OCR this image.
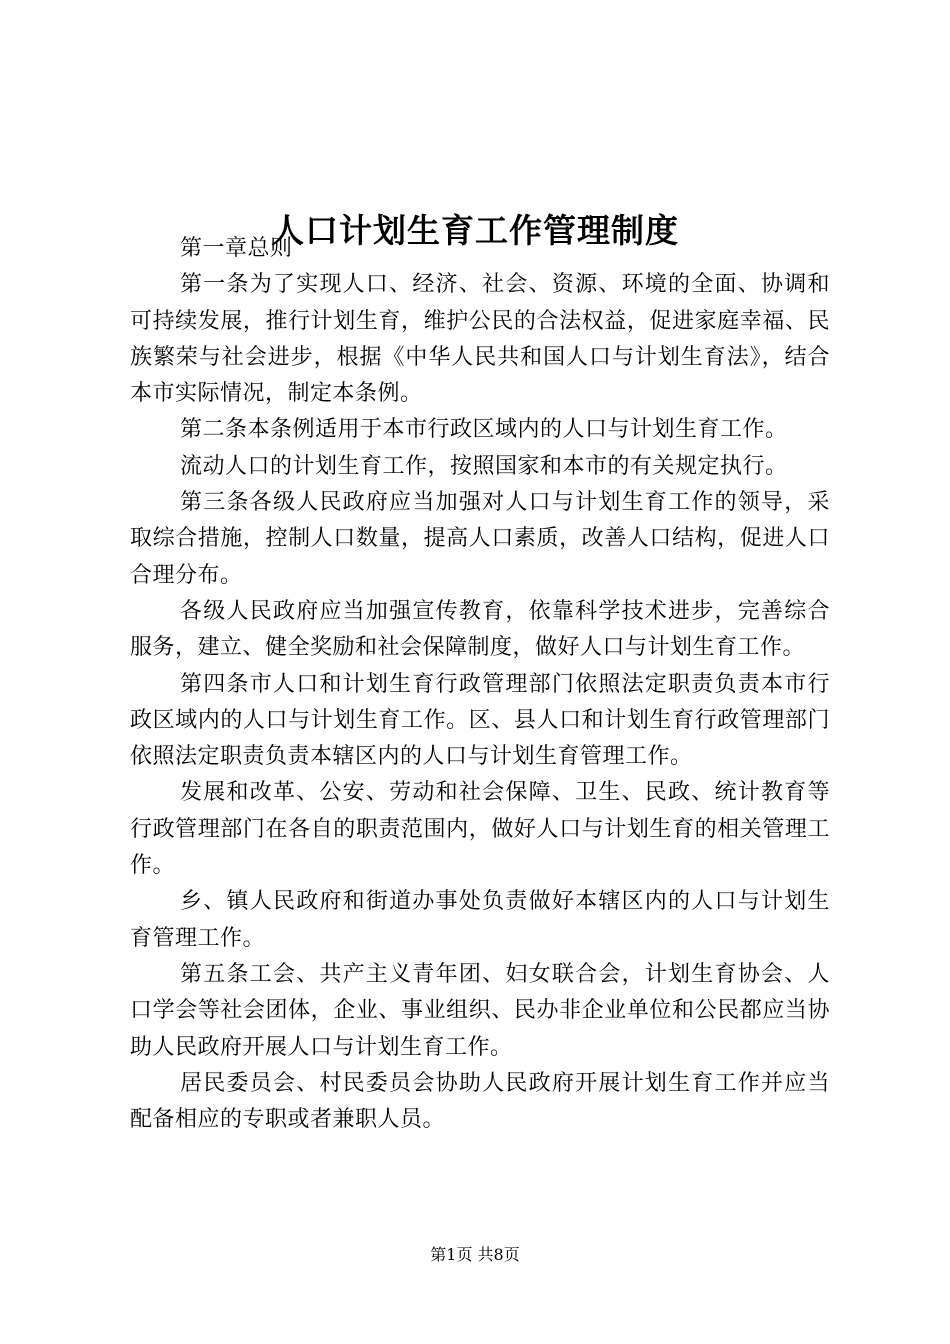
人口计划生育工作管理制度

第一章总则

第一条为了实现人口、经济、社会、资源、环境的全面、协调和可持续发展，推行计划生育，维护公民的合法权益，促进家庭幸福、民族繁荣与社会进步，根据《中华人民共和国人口与计划生育法》，结合本市实际情况，制定本条例。

第二条本条例适用于本市行政区域内的人口与计划生育工作。

流动人口的计划生育工作，按照国家和本市的有关规定执行。

第三条各级人民政府应当加强对人口与计划生育工作的领导，采取综合措施，控制人口数量，提高人口素质，改善人口结构，促进人口合理分布。

各级人民政府应当加强宣传教育，依靠科学技术进步，完善综合服务，建立、健全奖励和社会保障制度，做好人口与计划生育工作。

第四条市人口和计划生育行政管理部门依照法定职责负责本市行政区域内的人口与计划生育工作。区、县人口和计划生育行政管理部门依照法定职责负责本辖区内的人口与计划生育管理工作。

发展和改革、公安、劳动和社会保障、卫生、民政、统计教育等行政管理部门在各自的职责范围内，做好人口与计划生育的相关管理工作。

乡、镇人民政府和街道办事处负责做好本辖区内的人口与计划生育管理工作。

第五条工会、共产主义青年团、妇女联合会，计划生育协会、人口学会等社会团体，企业、事业组织、民办非企业单位和公民都应当协助人民政府开展人口与计划生育工作。

居民委员会、村民委员会协助人民政府开展计划生育工作并应当配备相应的专职或者兼职人员。

第1页 共8页
